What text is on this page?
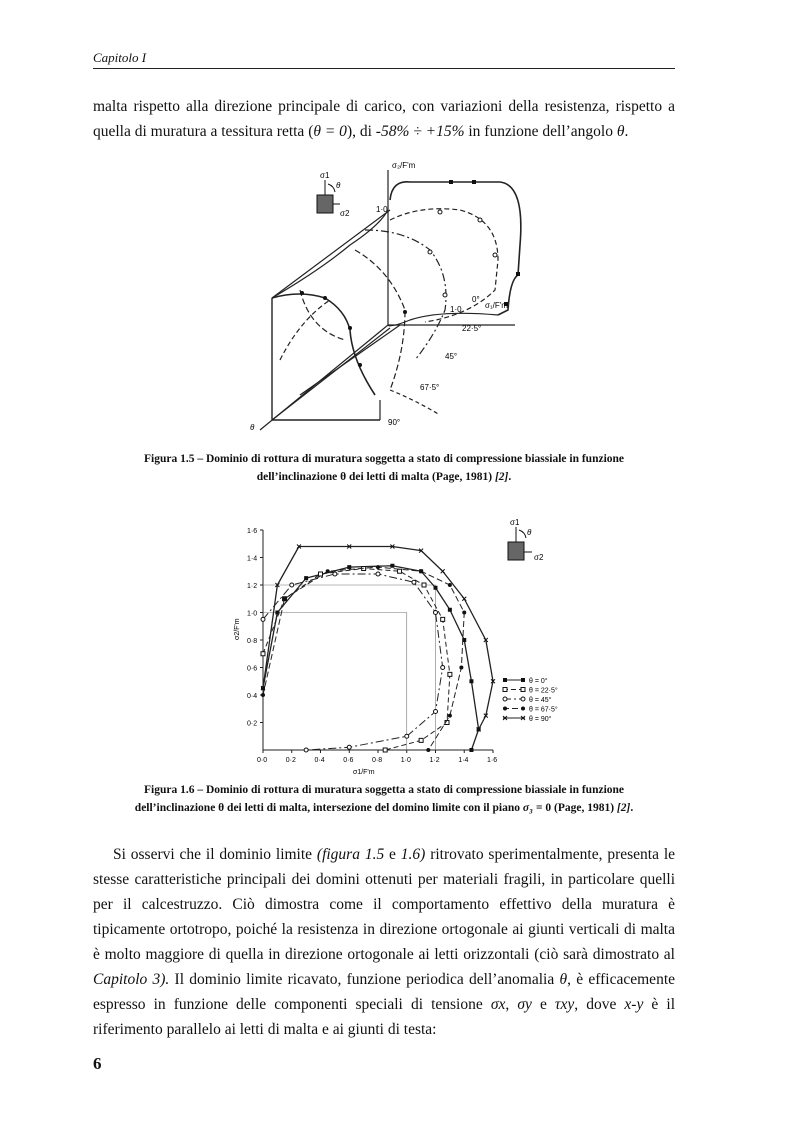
Capitolo I
malta rispetto alla direzione principale di carico, con variazioni della resistenza, rispetto a quella di muratura a tessitura retta (θ = 0), di -58% ÷ +15% in funzione dell’angolo θ.
σ1
σ2
θ
σ₂/F'm
σ₁/F'm
θ
1·0
1·0
0°
22·5°
45°
67·5°
90°
Figura 1.5 – Dominio di rottura di muratura soggetta a stato di compressione biassiale in funzione
dell’inclinazione θ dei letti di malta (Page, 1981) [2].
0·0	0·2	0·4	0·6	0·8	1·0	1·2	1·4	1·6
0·2
0·4
0·6
0·8
1·0
1·2
1·4
1·6
σ1/F'm
σ2/F'm
θ = 0°
θ = 22·5°
θ = 45°
θ = 67·5°
θ = 90°
σ1
σ2
θ
Figura 1.6 – Dominio di rottura di muratura soggetta a stato di compressione biassiale in funzione
dell’inclinazione θ dei letti di malta, intersezione del domino limite con il piano σ₃ = 0 (Page, 1981) [2].
Si osservi che il dominio limite (figura 1.5 e 1.6) ritrovato sperimentalmente, presenta le stesse caratteristiche principali dei domini ottenuti per materiali fragili, in particolare quelli per il calcestruzzo. Ciò dimostra come il comportamento effettivo della muratura è tipicamente ortotropo, poiché la resistenza in direzione ortogonale ai giunti verticali di malta è molto maggiore di quella in direzione ortogonale ai letti orizzontali (ciò sarà dimostrato al Capitolo 3). Il dominio limite ricavato, funzione periodica dell’anomalia θ, è efficacemente espresso in funzione delle componenti speciali di tensione σx, σy e τxy, dove x-y è il riferimento parallelo ai letti di malta e ai giunti di testa:
6
